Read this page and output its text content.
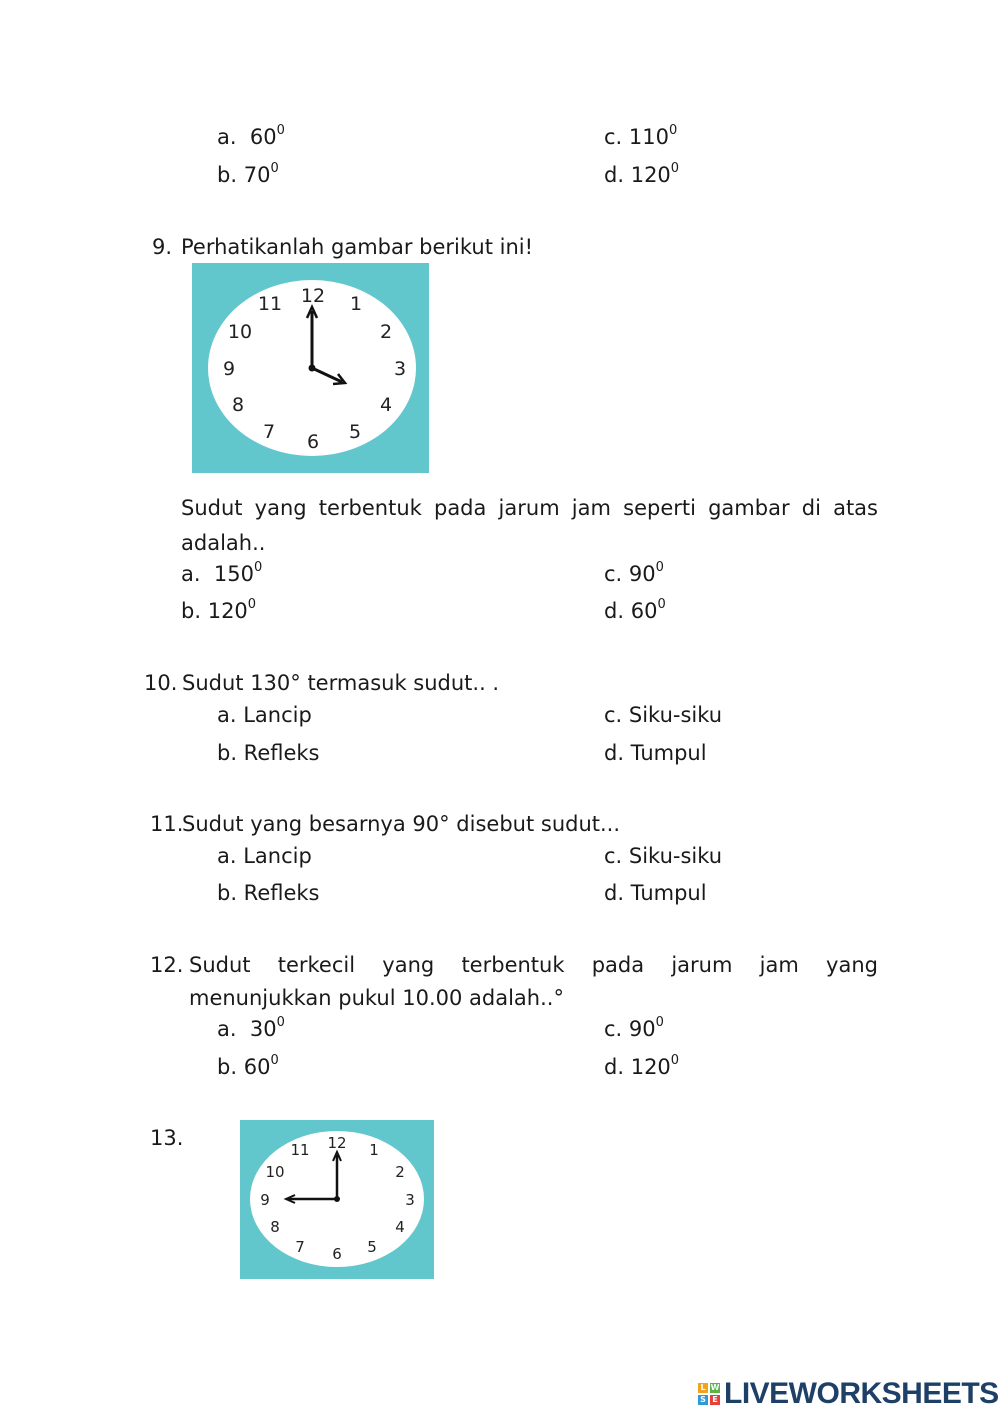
a. $60^0$	c. $110^0$
b. $70^0$	d. $120^0$
9. Perhatikanlah gambar berikut ini!
12 1
2
3
4
5
6
7
8
9
10
11
Sudut yang terbentuk pada jarum jam seperti gambar di atas
adalah..
a. $150^0$	c. $90^0$
b. $120^0$	d. $60^0$
10. Sudut 130° termasuk sudut.. .
a. Lancip	c. Siku-siku
b. Refleks	d. Tumpul
11.
Sudut yang besarnya 90° disebut sudut...
a. Lancip	c. Siku-siku
b. Refleks	d. Tumpul
12. Sudut terkecil yang terbentuk pada jarum jam yang
menunjukkan pukul 10.00 adalah..°
a. $30^0$	c. $90^0$
b. $60^0$	d. $120^0$
13.	12 1
2
3
4
5
6
7
8
9
10
11
L W
S E LIVEWORKSHEETS
